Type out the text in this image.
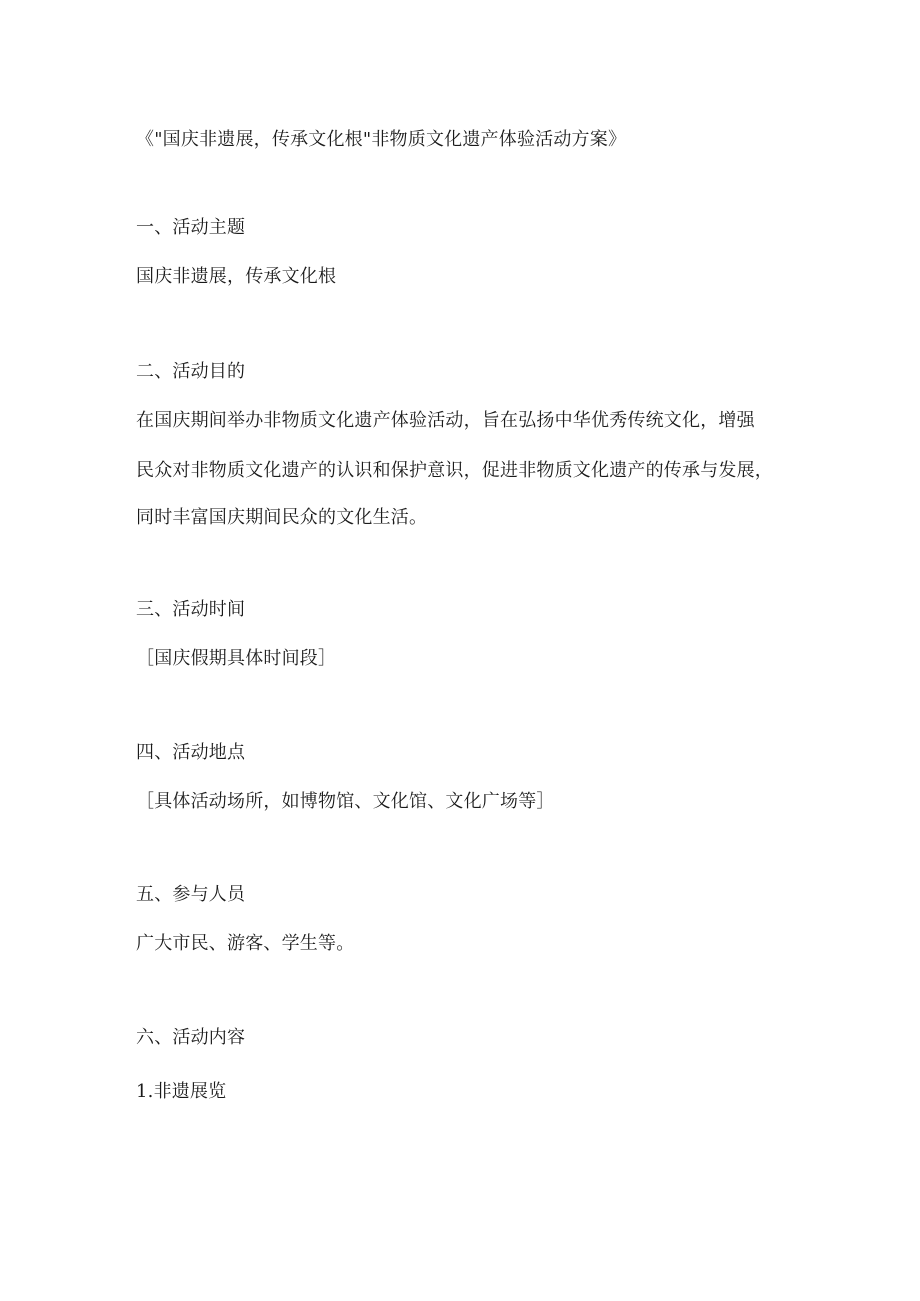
《"国庆非遗展，传承文化根"非物质文化遗产体验活动方案》
一、活动主题
国庆非遗展，传承文化根
二、活动目的
在国庆期间举办非物质文化遗产体验活动，旨在弘扬中华优秀传统文化，增强
民众对非物质文化遗产的认识和保护意识，促进非物质文化遗产的传承与发展，
同时丰富国庆期间民众的文化生活。
三、活动时间
［国庆假期具体时间段］
四、活动地点
［具体活动场所，如博物馆、文化馆、文化广场等］
五、参与人员
广大市民、游客、学生等。
六、活动内容
1.非遗展览
